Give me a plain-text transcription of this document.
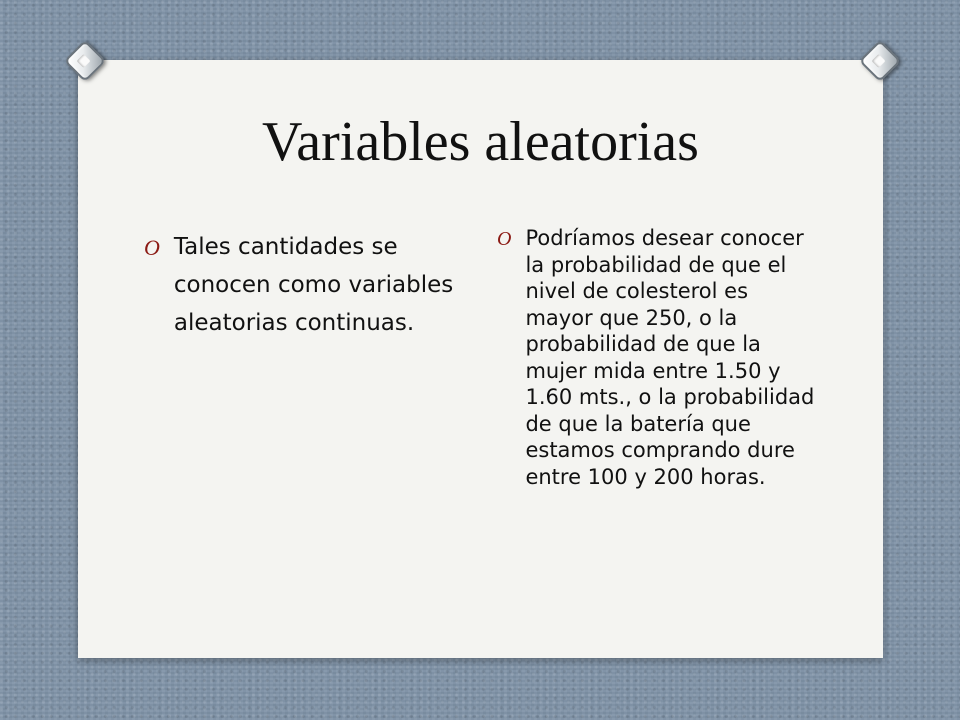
Variables aleatorias
O Tales cantidades se conocen como variables aleatorias continuas.
O Podríamos desear conocer la probabilidad de que el nivel de colesterol es mayor que 250, o la probabilidad de que la mujer mida entre 1.50 y 1.60 mts., o la probabilidad de que la batería que estamos comprando dure entre 100 y 200 horas.
